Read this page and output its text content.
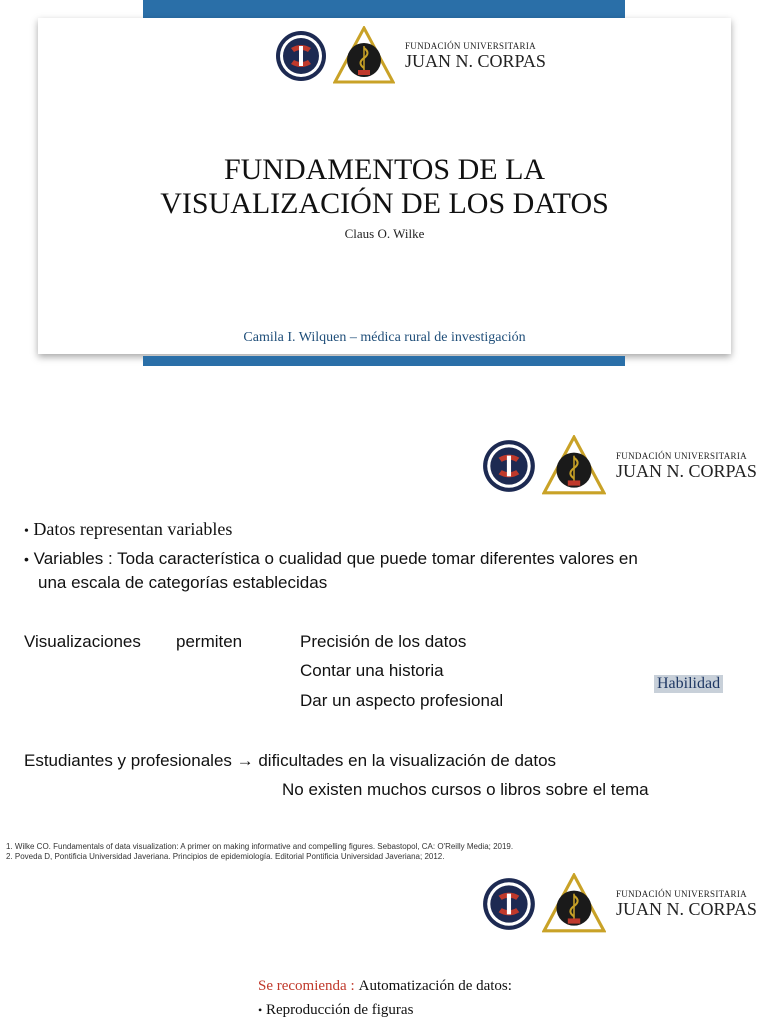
FUNDACIÓN UNIVERSITARIA
JUAN N. CORPAS
FUNDAMENTOS DE LA
VISUALIZACIÓN DE LOS DATOS
Claus O. Wilke
Camila I. Wilquen – médica rural de investigación
FUNDACIÓN UNIVERSITARIA
JUAN N. CORPAS
• Datos representan variables
• Variables : Toda característica o cualidad que puede tomar diferentes valores en
una escala de categorías establecidas
Visualizaciones permiten	Precisión de los datos
Contar una historia
Dar un aspecto profesional
Habilidad
Estudiantes y profesionales → dificultades en la visualización de datos
No existen muchos cursos o libros sobre el tema
1. Wilke CO. Fundamentals of data visualization: A primer on making informative and compelling figures. Sebastopol, CA: O'Reilly Media; 2019.
2. Poveda D, Pontificia Universidad Javeriana. Principios de epidemiología. Editorial Pontificia Universidad Javeriana; 2012.
FUNDACIÓN UNIVERSITARIA
JUAN N. CORPAS
Se recomienda : Automatización de datos:
• Reproducción de figuras
